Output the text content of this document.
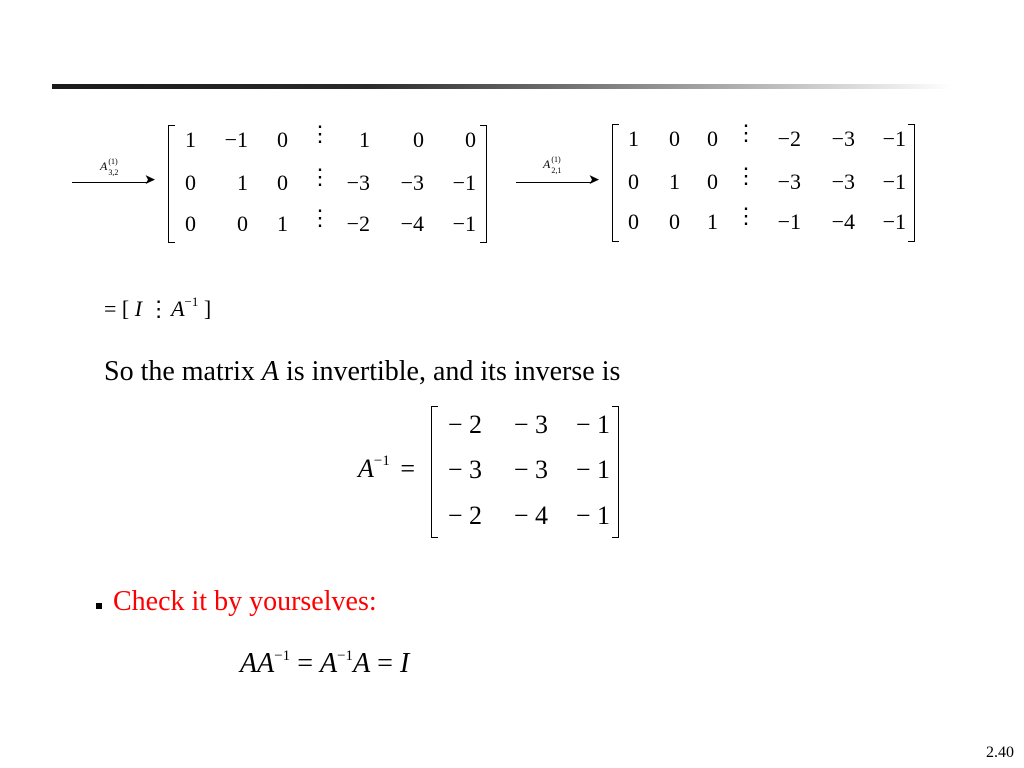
A (1)
3,2
➤
1	−1	0	1	0	0
⋮
0	1	0	−3	−3	−1
⋮
0	0	1	−2	−4	−1
⋮
A (1)
2,1
➤
1	0	0	−2	−3	−1
⋮
0	1	0	−3	−3	−1
⋮
0	0	1	−1	−4	−1
⋮
= [ I ⋮ $A^{-1}$ ]
So the matrix A is invertible, and its inverse is
$A^{-1}$ =
− 2	− 3	− 1
− 3	− 3	− 1
− 2	− 4	− 1
Check it by yourselves:
$AA^{-1} = A^{-1}A = I$
2.40
